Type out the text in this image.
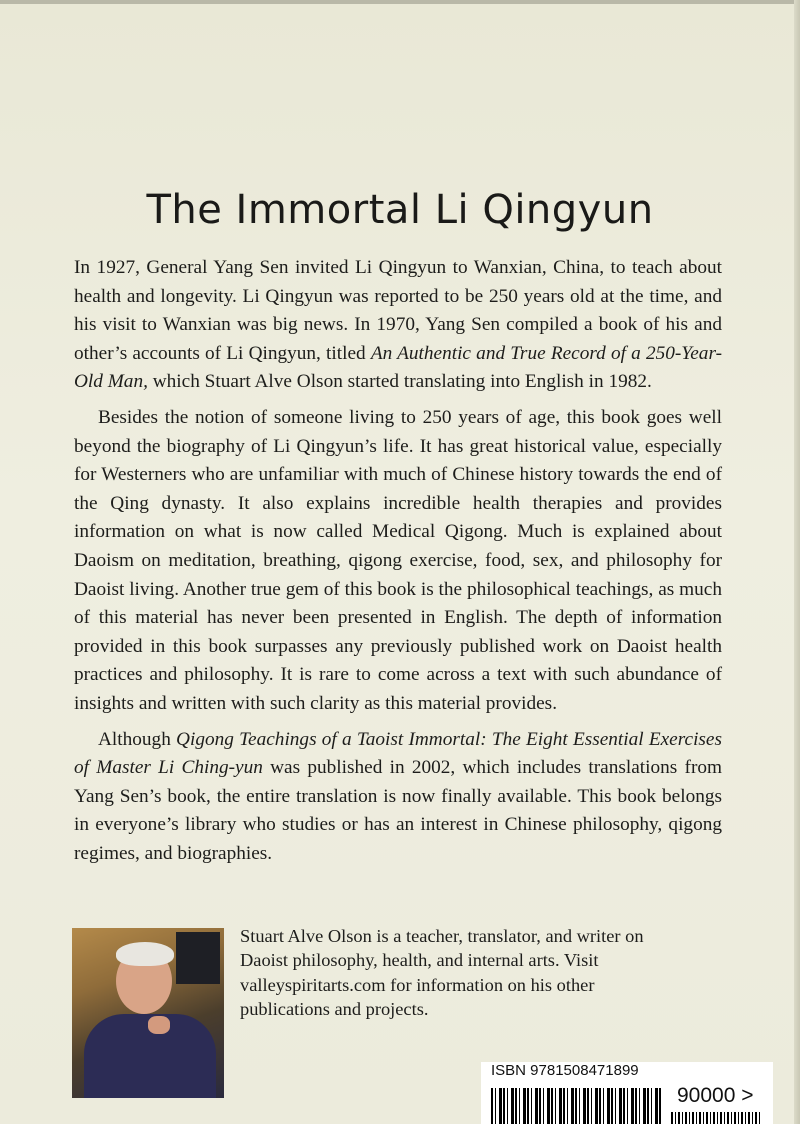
The Immortal Li Qingyun

In 1927, General Yang Sen invited Li Qingyun to Wanxian, China, to teach about health and longevity. Li Qingyun was reported to be 250 years old at the time, and his visit to Wanxian was big news. In 1970, Yang Sen compiled a book of his and other’s accounts of Li Qingyun, titled An Authentic and True Record of a 250-Year-Old Man, which Stuart Alve Olson started translating into English in 1982.

Besides the notion of someone living to 250 years of age, this book goes well beyond the biography of Li Qingyun’s life. It has great historical value, especially for Westerners who are unfamiliar with much of Chinese history towards the end of the Qing dynasty. It also explains incredible health therapies and provides information on what is now called Medical Qigong. Much is explained about Daoism on meditation, breathing, qigong exercise, food, sex, and philosophy for Daoist living. Another true gem of this book is the philosophical teachings, as much of this material has never been presented in English. The depth of information provided in this book surpasses any previously published work on Daoist health practices and philosophy. It is rare to come across a text with such abundance of insights and written with such clarity as this material provides.

Although Qigong Teachings of a Taoist Immortal: The Eight Essential Exercises of Master Li Ching-yun was published in 2002, which includes translations from Yang Sen’s book, the entire translation is now finally available. This book belongs in everyone’s library who studies or has an interest in Chinese philosophy, qigong regimes, and biographies.

Stuart Alve Olson is a teacher, translator, and writer on Daoist philosophy, health, and internal arts. Visit valleyspiritarts.com for information on his other publications and projects.

ISBN 9781508471899
90000 >
